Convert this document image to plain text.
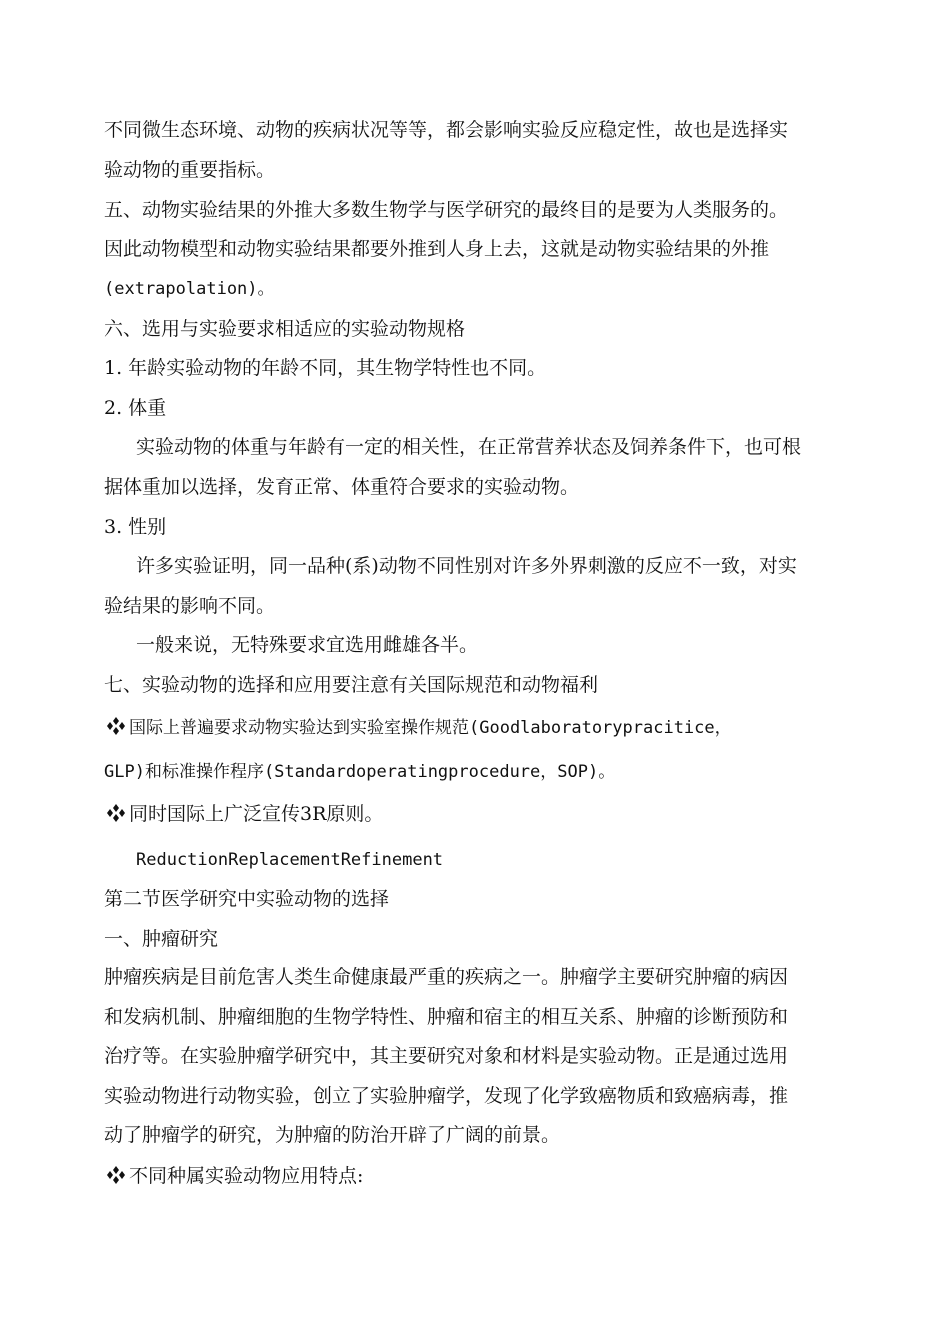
不同微生态环境、动物的疾病状况等等，都会影响实验反应稳定性，故也是选择实
验动物的重要指标。
五、动物实验结果的外推大多数生物学与医学研究的最终目的是要为人类服务的。
因此动物模型和动物实验结果都要外推到人身上去，这就是动物实验结果的外推
(extrapolation)。
六、选用与实验要求相适应的实验动物规格
1. 年龄实验动物的年龄不同，其生物学特性也不同。
2. 体重
实验动物的体重与年龄有一定的相关性，在正常营养状态及饲养条件下，也可根
据体重加以选择，发育正常、体重符合要求的实验动物。
3. 性别
许多实验证明，同一品种(系)动物不同性别对许多外界刺激的反应不一致，对实
验结果的影响不同。
一般来说，无特殊要求宜选用雌雄各半。
七、实验动物的选择和应用要注意有关国际规范和动物福利
国际上普遍要求动物实验达到实验室操作规范(Goodlaboratorypracitice，
GLP)和标准操作程序(Standardoperatingprocedure，SOP)。
同时国际上广泛宣传3R原则。
ReductionReplacementRefinement
第二节医学研究中实验动物的选择
一、肿瘤研究
肿瘤疾病是目前危害人类生命健康最严重的疾病之一。肿瘤学主要研究肿瘤的病因
和发病机制、肿瘤细胞的生物学特性、肿瘤和宿主的相互关系、肿瘤的诊断预防和
治疗等。在实验肿瘤学研究中，其主要研究对象和材料是实验动物。正是通过选用
实验动物进行动物实验，创立了实验肿瘤学，发现了化学致癌物质和致癌病毒，推
动了肿瘤学的研究，为肿瘤的防治开辟了广阔的前景。
不同种属实验动物应用特点:
